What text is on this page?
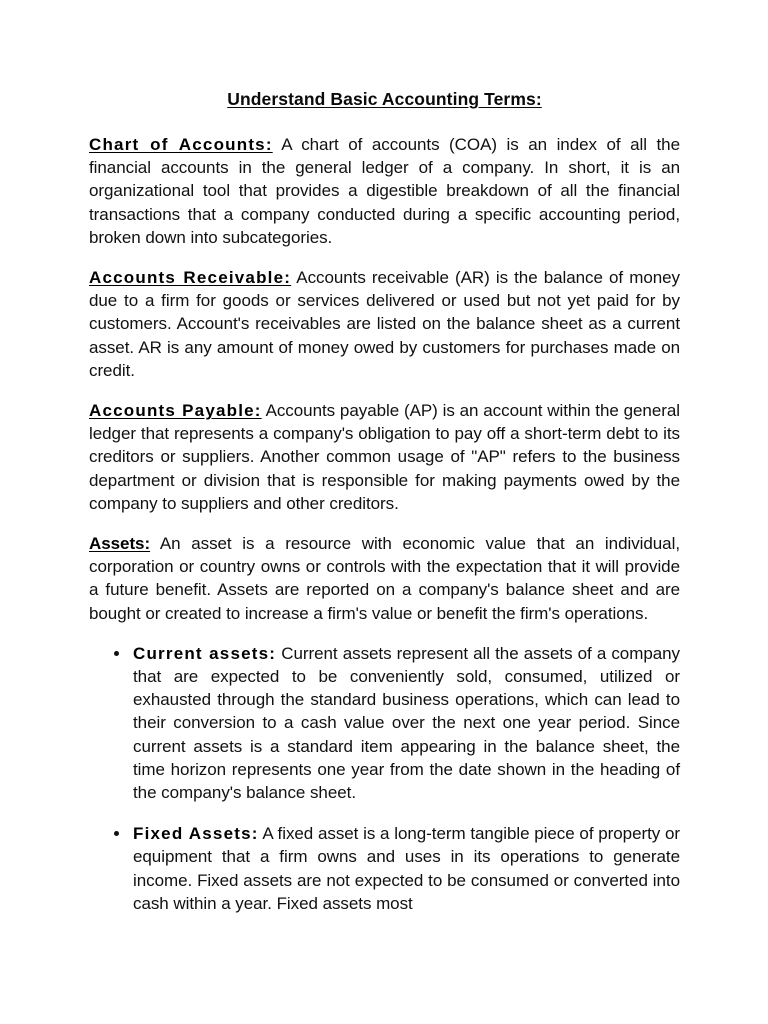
Understand Basic Accounting Terms:

Chart of Accounts: A chart of accounts (COA) is an index of all the financial accounts in the general ledger of a company. In short, it is an organizational tool that provides a digestible breakdown of all the financial transactions that a company conducted during a specific accounting period, broken down into subcategories.

Accounts Receivable: Accounts receivable (AR) is the balance of money due to a firm for goods or services delivered or used but not yet paid for by customers. Account's receivables are listed on the balance sheet as a current asset. AR is any amount of money owed by customers for purchases made on credit.

Accounts Payable: Accounts payable (AP) is an account within the general ledger that represents a company's obligation to pay off a short-term debt to its creditors or suppliers. Another common usage of "AP" refers to the business department or division that is responsible for making payments owed by the company to suppliers and other creditors.

Assets: An asset is a resource with economic value that an individual, corporation or country owns or controls with the expectation that it will provide a future benefit. Assets are reported on a company's balance sheet and are bought or created to increase a firm's value or benefit the firm's operations.

Current assets: Current assets represent all the assets of a company that are expected to be conveniently sold, consumed, utilized or exhausted through the standard business operations, which can lead to their conversion to a cash value over the next one year period. Since current assets is a standard item appearing in the balance sheet, the time horizon represents one year from the date shown in the heading of the company's balance sheet.
Fixed Assets: A fixed asset is a long-term tangible piece of property or equipment that a firm owns and uses in its operations to generate income. Fixed assets are not expected to be consumed or converted into cash within a year. Fixed assets most
